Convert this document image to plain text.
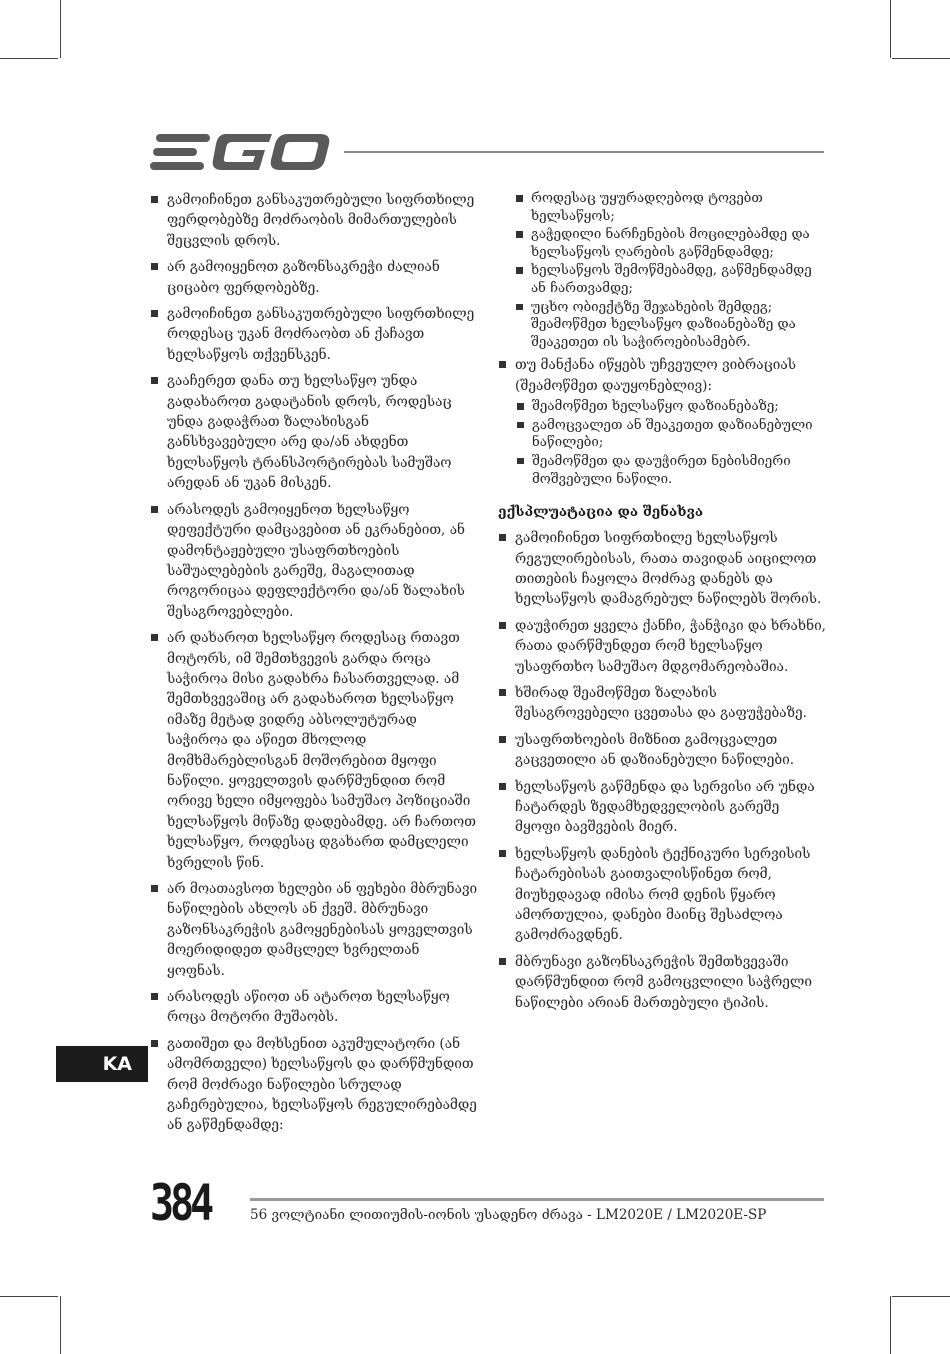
გამოიჩინეთ განსაკუთრებული სიფრთხილე ფერდობებზე მოძრაობის მიმართულების შეცვლის დროს.
არ გამოიყენოთ გაზონსაკრეჭი ძალიან ციცაბო ფერდობებზე.
გამოიჩინეთ განსაკუთრებული სიფრთხილე როდესაც უკან მოძრაობთ ან ქაჩავთ ხელსაწყოს თქვენსკენ.
გააჩერეთ დანა თუ ხელსაწყო უნდა გადახაროთ გადატანის დროს, როდესაც უნდა გადაჭრათ ზალახისგან განსხვავებული არე და/ან ახდენთ ხელსაწყოს ტრანსპორტირებას სამუშაო არედან ან უკან მისკენ.
არასოდეს გამოიყენოთ ხელსაწყო დეფექტური დამცავებით ან ეკრანებით, ან დამონტაჟებული უსაფრთხოების საშუალებების გარეშე, მაგალითად როგორიცაა დეფლექტორი და/ან ზალახის შესაგროვებლები.
არ დახაროთ ხელსაწყო როდესაც რთავთ მოტორს, იმ შემთხვევის გარდა როცა საჭიროა მისი გადახრა ჩასართველად. ამ შემთხვევაშიც არ გადახაროთ ხელსაწყო იმაზე მეტად ვიდრე აბსოლუტურად საჭიროა და აწიეთ მხოლოდ მომხმარებლისგან მოშორებით მყოფი ნაწილი. ყოველთვის დარწმუნდით რომ ორივე ხელი იმყოფება სამუშაო პოზიციაში ხელსაწყოს მიწაზე დადებამდე. არ ჩართოთ ხელსაწყო, როდესაც დგახართ დამცლელი ხვრელის წინ.
არ მოათავსოთ ხელები ან ფეხები მბრუნავი ნაწილების ახლოს ან ქვეშ. მბრუნავი გაზონსაკრეჭის გამოყენებისას ყოველთვის მოერიდიდეთ დამცლელ ხვრელთან ყოფნას.
არასოდეს აწიოთ ან ატაროთ ხელსაწყო როცა მოტორი მუშაობს.
გათიშეთ და მოხსენით აკუმულატორი (ან ამომრთველი) ხელსაწყოს და დარწმუნდით რომ მოძრავი ნაწილები სრულად გაჩერებულია, ხელსაწყოს რეგულირებამდე ან გაწმენდამდე:
როდესაც უყურადღებოდ ტოვებთ ხელსაწყოს;
გაჭედილი ნარჩენების მოცილებამდე და ხელსაწყოს ღარების გაწმენდამდე;
ხელსაწყოს შემოწმებამდე, გაწმენდამდე ან ჩართვამდე;
უცხო ობიექტზე შეჯახების შემდეგ; შეამოწმეთ ხელსაწყო დაზიანებაზე და შეაკეთეთ ის საჭიროებისამებრ.
თუ მანქანა იწყებს უჩვეულო ვიბრაციას (შეამოწმეთ დაუყონებლივ):
შეამოწმეთ ხელსაწყო დაზიანებაზე;
გამოცვალეთ ან შეაკეთეთ დაზიანებული ნაწილები;
შეამოწმეთ და დაუჭირეთ ნებისმიერი მოშვებული ნაწილი.
ექსპლუატაცია და შენახვა
გამოიჩინეთ სიფრთხილე ხელსაწყოს რეგულირებისას, რათა თავიდან აიცილოთ თითების ჩაყოლა მოძრავ დანებს და ხელსაწყოს დამაგრებულ ნაწილებს შორის.
დაუჭირეთ ყველა ქანჩი, ჭანჭიკი და ხრახნი, რათა დარწმუნდეთ რომ ხელსაწყო უსაფრთხო სამუშაო მდგომარეობაშია.
ხშირად შეამოწმეთ ზალახის შესაგროვებელი ცვეთასა და გაფუჭებაზე.
უსაფრთხოების მიზნით გამოცვალეთ გაცვეთილი ან დაზიანებული ნაწილები.
ხელსაწყოს გაწმენდა და სერვისი არ უნდა ჩატარდეს ზედამხედველობის გარეშე მყოფი ბავშვების მიერ.
ხელსაწყოს დანების ტექნიკური სერვისის ჩატარებისას გაითვალისწინეთ რომ, მიუხედავად იმისა რომ დენის წყარო ამორთულია, დანები მაინც შესაძლოა გამოძრავდნენ.
მბრუნავი გაზონსაკრეჭის შემთხვევაში დარწმუნდით რომ გამოცვლილი საჭრელი ნაწილები არიან მართებული ტიპის.
KA
384	56 ვოლტიანი ლითიუმის-იონის უსადენო ძრავა - LM2020E / LM2020E-SP
